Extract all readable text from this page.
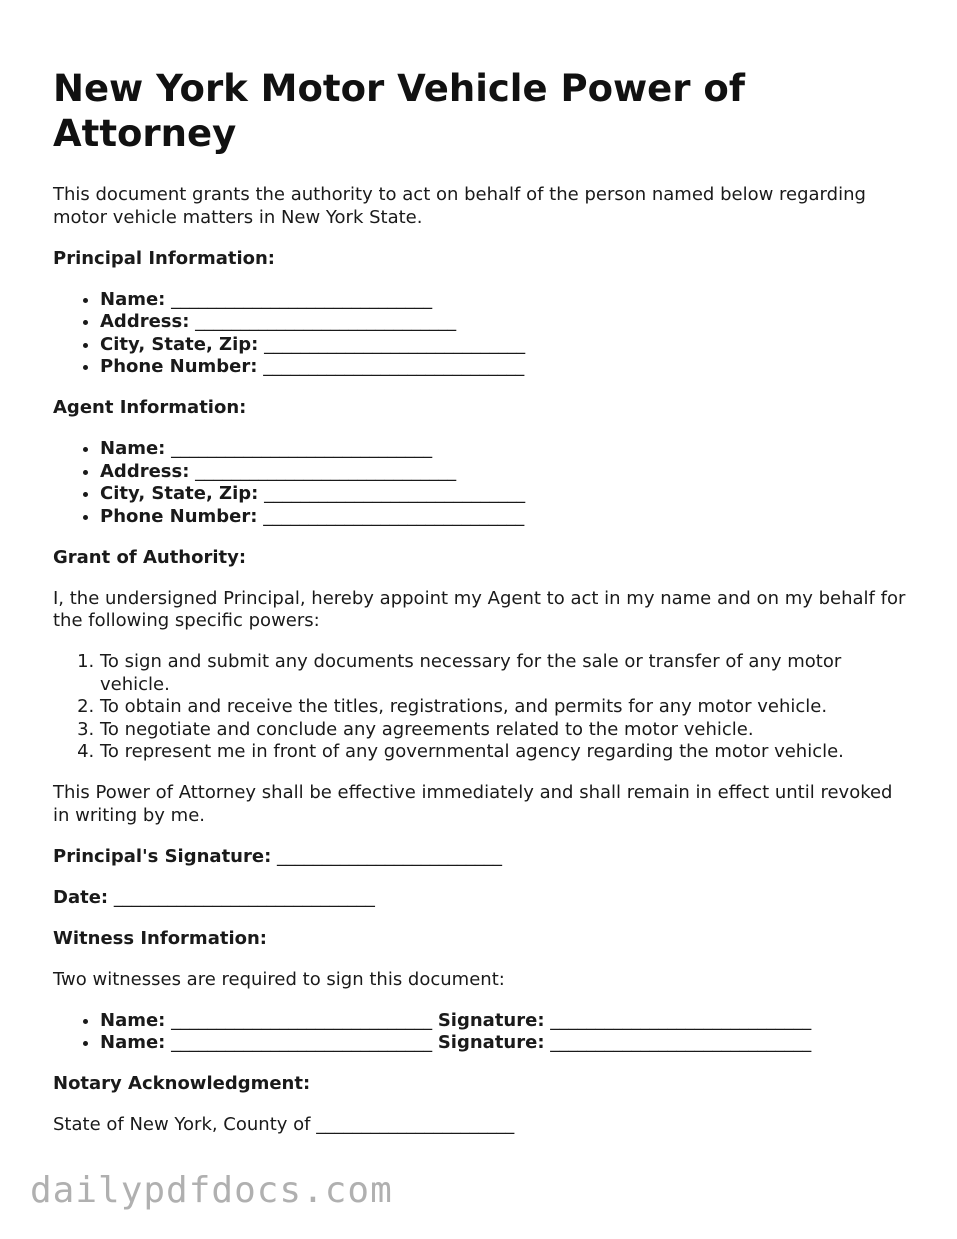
New York Motor Vehicle Power of Attorney

This document grants the authority to act on behalf of the person named below regarding motor vehicle matters in New York State.

Principal Information:

• Name: _____________________________
• Address: _____________________________
• City, State, Zip: _____________________________
• Phone Number: _____________________________

Agent Information:

• Name: _____________________________
• Address: _____________________________
• City, State, Zip: _____________________________
• Phone Number: _____________________________

Grant of Authority:

I, the undersigned Principal, hereby appoint my Agent to act in my name and on my behalf for the following specific powers:

1. To sign and submit any documents necessary for the sale or transfer of any motor vehicle.
2. To obtain and receive the titles, registrations, and permits for any motor vehicle.
3. To negotiate and conclude any agreements related to the motor vehicle.
4. To represent me in front of any governmental agency regarding the motor vehicle.

This Power of Attorney shall be effective immediately and shall remain in effect until revoked in writing by me.

Principal's Signature: _________________________

Date: _____________________________

Witness Information:

Two witnesses are required to sign this document:

• Name: _____________________________ Signature: _____________________________
• Name: _____________________________ Signature: _____________________________

Notary Acknowledgment:

State of New York, County of ______________________

dailypdfdocs.com
